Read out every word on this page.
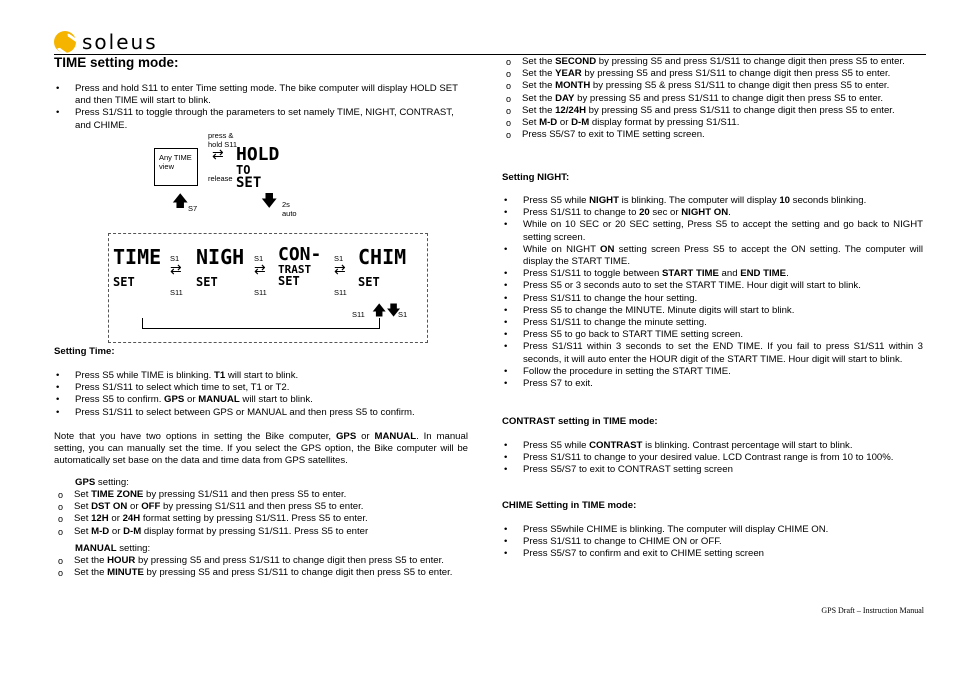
soleus
TIME setting mode:
• Press and hold S11 to enter Time setting mode. The bike computer will display HOLD SET and then TIME will start to blink.
• Press S1/S11 to toggle through the parameters to set namely TIME, NIGHT, CONTRAST, and CHIME.
Any TIME view
press & hold S11
release
⇄ HOLD
TO
SET
🡅 S7	🡇 2s auto
TIME
SET
S1
⇄
S11
NIGH
SET
S1
⇄
S11
CON-
TRAST
SET
S1
⇄
S11
CHIM
SET
S11 🡅🡇
S1
Setting Time:
• Press S5 while TIME is blinking. T1 will start to blink.
• Press S1/S11 to select which time to set, T1 or T2.
• Press S5 to confirm. GPS or MANUAL will start to blink.
• Press S1/S11 to select between GPS or MANUAL and then press S5 to confirm.
Note that you have two options in setting the Bike computer, GPS or MANUAL. In manual setting, you can manually set the time. If you select the GPS option, the Bike computer will be automatically set base on the data and time data from GPS satellites.
GPS setting:
o Set TIME ZONE by pressing S1/S11 and then press S5 to enter.
o Set DST ON or OFF by pressing S1/S11 and then press S5 to enter.
o Set 12H or 24H format setting by pressing S1/S11. Press S5 to enter.
o Set M-D or D-M display format by pressing S1/S11. Press S5 to enter
MANUAL setting:
o Set the HOUR by pressing S5 and press S1/S11 to change digit then press S5 to enter.
o Set the MINUTE by pressing S5 and press S1/S11 to change digit then press S5 to enter.
o Set the SECOND by pressing S5 and press S1/S11 to change digit then press S5 to enter.
o Set the YEAR by pressing S5 and press S1/S11 to change digit then press S5 to enter.
o Set the MONTH by pressing S5 & press S1/S11 to change digit then press S5 to enter.
o Set the DAY by pressing S5 and press S1/S11 to change digit then press S5 to enter.
o Set the 12/24H by pressing S5 and press S1/S11 to change digit then press S5 to enter.
o Set M-D or D-M display format by pressing S1/S11.
o Press S5/S7 to exit to TIME setting screen.
Setting NIGHT:
• Press S5 while NIGHT is blinking. The computer will display 10 seconds blinking.
• Press S1/S11 to change to 20 sec or NIGHT ON.
• While on 10 SEC or 20 SEC setting, Press S5 to accept the setting and go back to NIGHT setting screen.
• While on NIGHT ON setting screen Press S5 to accept the ON setting. The computer will display the START TIME.
• Press S1/S11 to toggle between START TIME and END TIME.
• Press S5 or 3 seconds auto to set the START TIME. Hour digit will start to blink.
• Press S1/S11 to change the hour setting.
• Press S5 to change the MINUTE. Minute digits will start to blink.
• Press S1/S11 to change the minute setting.
• Press S5 to go back to START TIME setting screen.
• Press S1/S11 within 3 seconds to set the END TIME. If you fail to press S1/S11 within 3 seconds, it will auto enter the HOUR digit of the START TIME. Hour digit will start to blink.
• Follow the procedure in setting the START TIME.
• Press S7 to exit.
CONTRAST setting in TIME mode:
• Press S5 while CONTRAST is blinking. Contrast percentage will start to blink.
• Press S1/S11 to change to your desired value. LCD Contrast range is from 10 to 100%.
• Press S5/S7 to exit to CONTRAST setting screen
CHIME Setting in TIME mode:
• Press S5while CHIME is blinking. The computer will display CHIME ON.
• Press S1/S11 to change to CHIME ON or OFF.
• Press S5/S7 to confirm and exit to CHIME setting screen
GPS Draft – Instruction Manual
